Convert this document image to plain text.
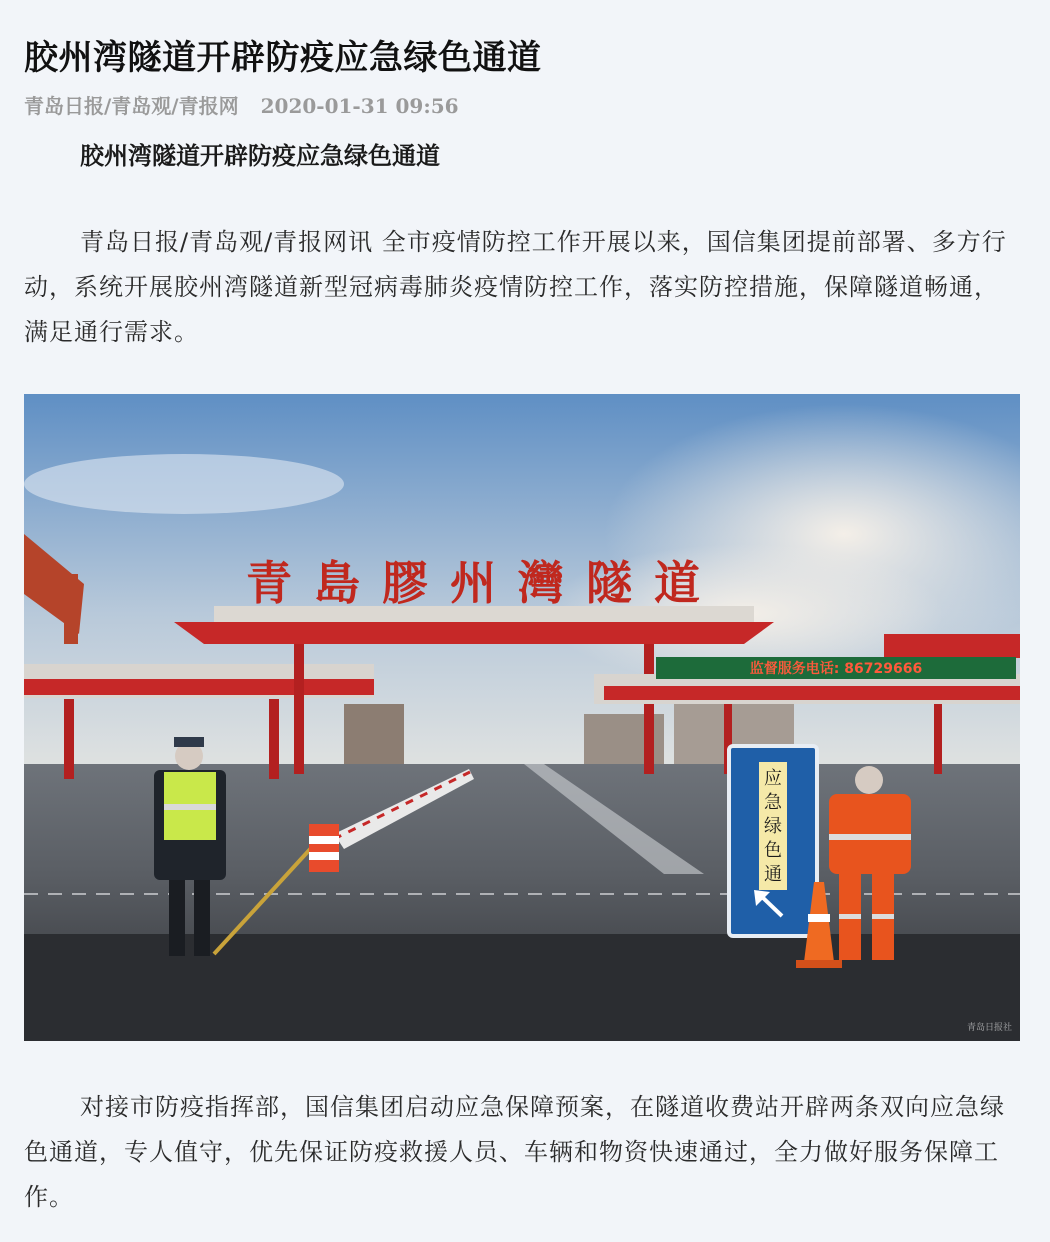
胶州湾隧道开辟防疫应急绿色通道
青岛日报/青岛观/青报网 2020-01-31 09:56
胶州湾隧道开辟防疫应急绿色通道

青岛日报/青岛观/青报网讯 全市疫情防控工作开展以来，国信集团提前部署、多方行动，系统开展胶州湾隧道新型冠病毒肺炎疫情防控工作，落实防控措施，保障隧道畅通，满足通行需求。

青島膠州灣隧道
监督服务电话: 86729666
应
急
绿
色
通
青岛日报社

对接市防疫指挥部，国信集团启动应急保障预案，在隧道收费站开辟两条双向应急绿色通道，专人值守，优先保证防疫救援人员、车辆和物资快速通过，全力做好服务保障工作。
